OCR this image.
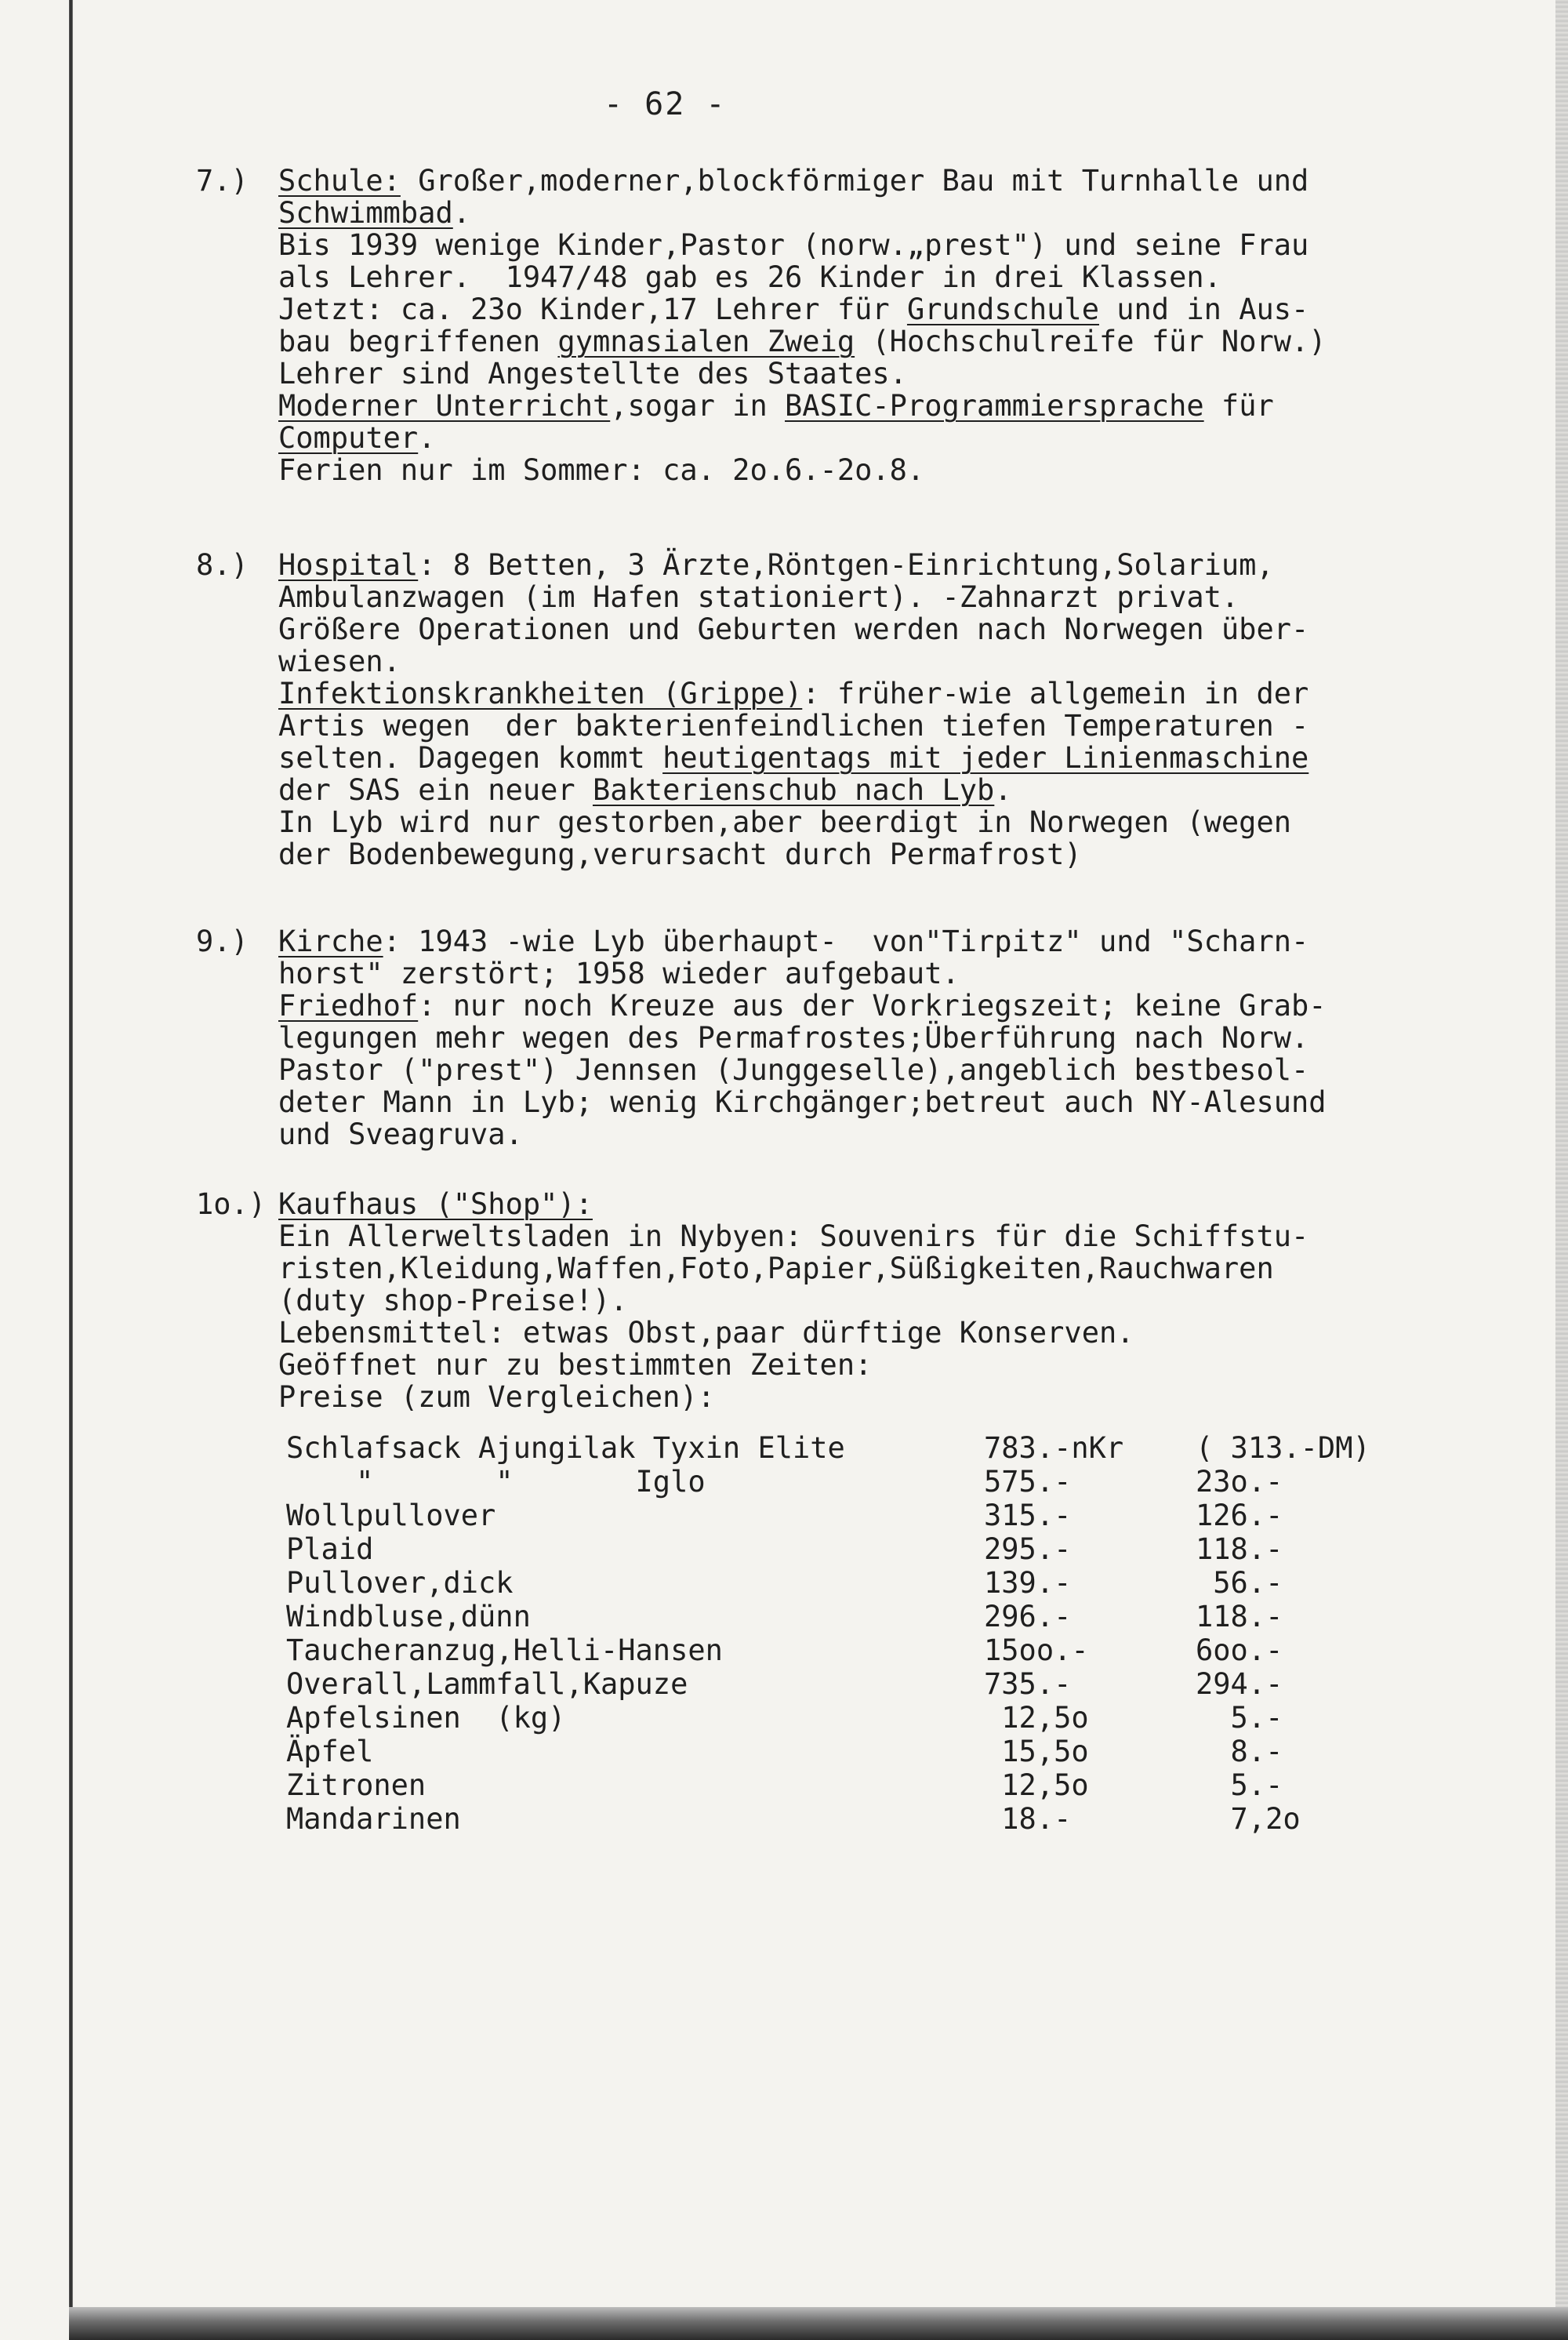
- 62 -
7.)	Schule: Großer,moderner,blockförmiger Bau mit Turnhalle und
Schwimmbad.
Bis 1939 wenige Kinder,Pastor (norw.„prest") und seine Frau
als Lehrer.  1947/48 gab es 26 Kinder in drei Klassen.
Jetzt: ca. 23o Kinder,17 Lehrer für Grundschule und in Aus-
bau begriffenen gymnasialen Zweig (Hochschulreife für Norw.)
Lehrer sind Angestellte des Staates.
Moderner Unterricht,sogar in BASIC-Programmiersprache für
Computer.
Ferien nur im Sommer: ca. 2o.6.-2o.8.
8.)	Hospital: 8 Betten, 3 Ärzte,Röntgen-Einrichtung,Solarium,
Ambulanzwagen (im Hafen stationiert). -Zahnarzt privat.
Größere Operationen und Geburten werden nach Norwegen über-
wiesen.
Infektionskrankheiten (Grippe): früher-wie allgemein in der
Artis wegen  der bakterienfeindlichen tiefen Temperaturen -
selten. Dagegen kommt heutigentags mit jeder Linienmaschine
der SAS ein neuer Bakterienschub nach Lyb.
In Lyb wird nur gestorben,aber beerdigt in Norwegen (wegen
der Bodenbewegung,verursacht durch Permafrost)
9.)	Kirche: 1943 -wie Lyb überhaupt-  von"Tirpitz" und "Scharn-
horst" zerstört; 1958 wieder aufgebaut.
Friedhof: nur noch Kreuze aus der Vorkriegszeit; keine Grab-
legungen mehr wegen des Permafrostes;Überführung nach Norw.
Pastor ("prest") Jennsen (Junggeselle),angeblich bestbesol-
deter Mann in Lyb; wenig Kirchgänger;betreut auch NY-Alesund
und Sveagruva.
1o.) Kaufhaus ("Shop"):
Ein Allerweltsladen in Nybyen: Souvenirs für die Schiffstu-
risten,Kleidung,Waffen,Foto,Papier,Süßigkeiten,Rauchwaren
(duty shop-Preise!).
Lebensmittel: etwas Obst,paar dürftige Konserven.
Geöffnet nur zu bestimmten Zeiten:
Preise (zum Vergleichen):
Schlafsack Ajungilak Tyxin Elite	783.-nKr ( 313.-DM)
"       "       Iglo	575.-	23o.-
Wollpullover	315.-	126.-
Plaid	295.-	118.-
Pullover,dick	139.-	56.-
Windbluse,dünn	296.-	118.-
Taucheranzug,Helli-Hansen	15oo.-	6oo.-
Overall,Lammfall,Kapuze	735.-	294.-
Apfelsinen  (kg)	12,5o	5.-
Äpfel	15,5o	8.-
Zitronen	12,5o	5.-
Mandarinen	18.-	7,2o
